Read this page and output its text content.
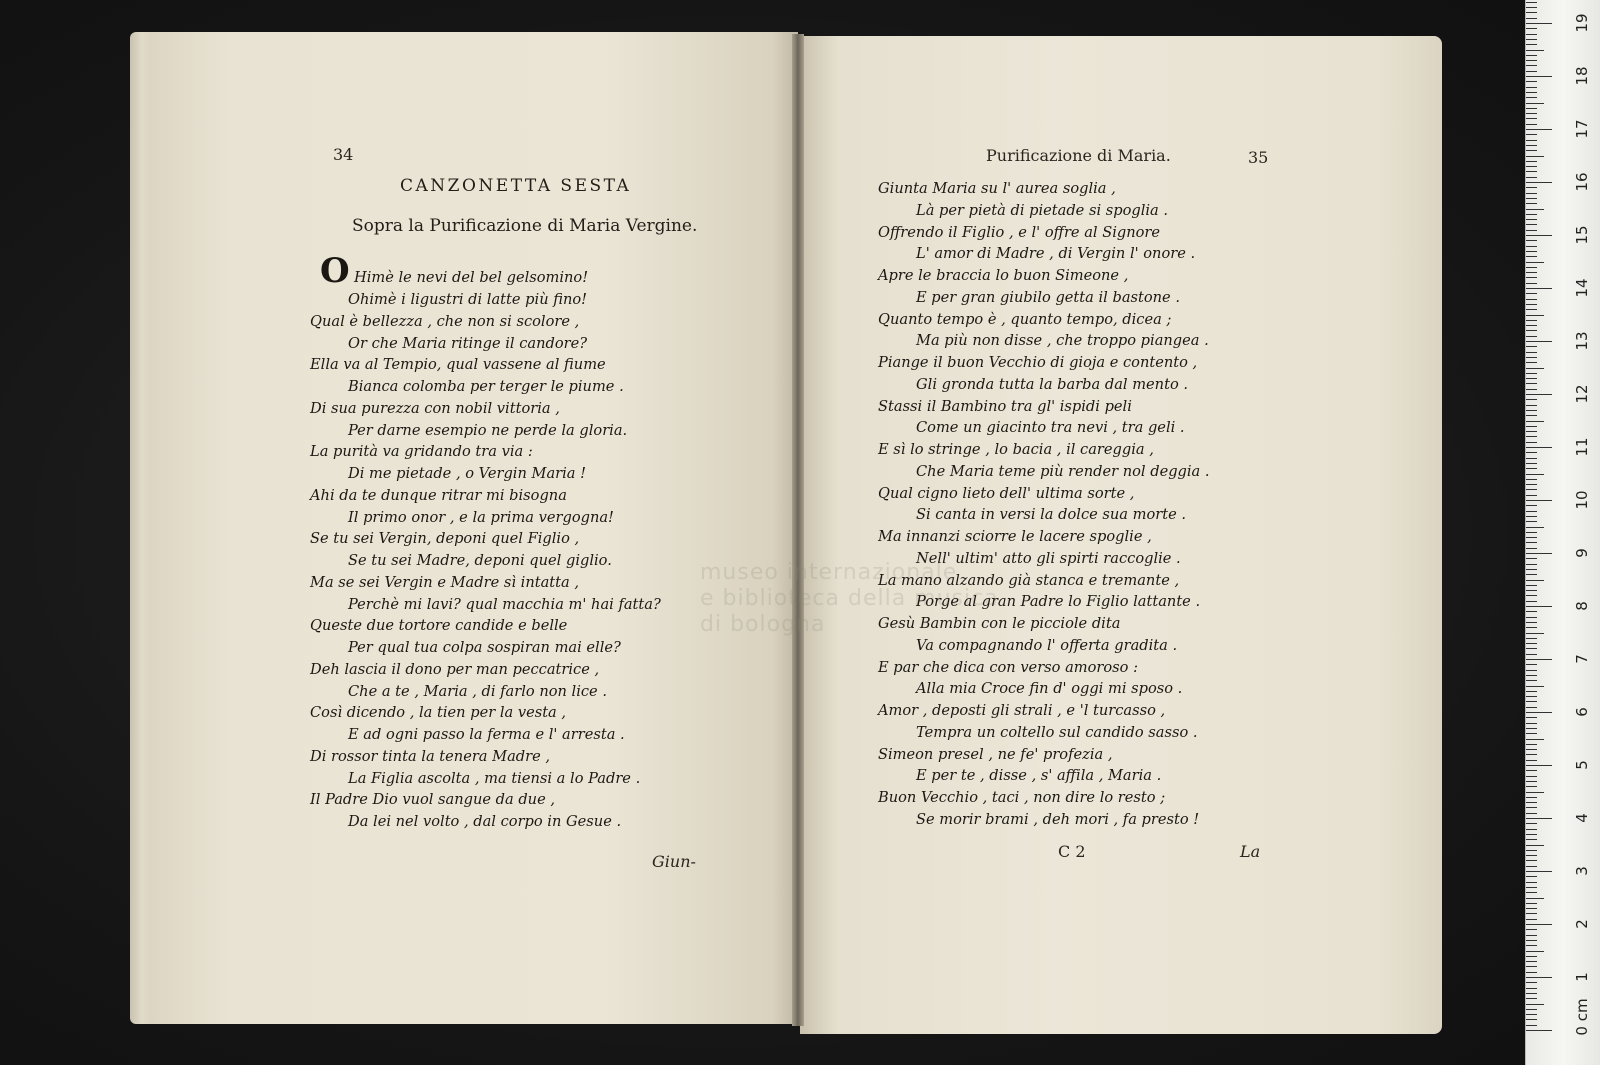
museo internazionale
e biblioteca della musica
di bologna
34
CANZONETTA SESTA
Sopra la Purificazione di Maria Vergine.
O Himè le nevi del bel gelsomino!
Ohimè i ligustri di latte più fino!
Qual è bellezza , che non si scolore ,
Or che Maria ritinge il candore?
Ella va al Tempio, qual vassene al fiume
Bianca colomba per terger le piume .
Di sua purezza con nobil vittoria ,
Per darne esempio ne perde la gloria.
La purità va gridando tra via :
Di me pietade , o Vergin Maria !
Ahi da te dunque ritrar mi bisogna
Il primo onor , e la prima vergogna!
Se tu sei Vergin, deponi quel Figlio ,
Se tu sei Madre, deponi quel giglio.
Ma se sei Vergin e Madre sì intatta ,
Perchè mi lavi? qual macchia m' hai fatta?
Queste due tortore candide e belle
Per qual tua colpa sospiran mai elle?
Deh lascia il dono per man peccatrice ,
Che a te , Maria , di farlo non lice .
Così dicendo , la tien per la vesta ,
E ad ogni passo la ferma e l' arresta .
Di rossor tinta la tenera Madre ,
La Figlia ascolta , ma tiensi a lo Padre .
Il Padre Dio vuol sangue da due ,
Da lei nel volto , dal corpo in Gesue .
Giun-
Purificazione di Maria.	35
Giunta Maria su l' aurea soglia ,
Là per pietà di pietade si spoglia .
Offrendo il Figlio , e l' offre al Signore
L' amor di Madre , di Vergin l' onore .
Apre le braccia lo buon Simeone ,
E per gran giubilo getta il bastone .
Quanto tempo è , quanto tempo, dicea ;
Ma più non disse , che troppo piangea .
Piange il buon Vecchio di gioja e contento ,
Gli gronda tutta la barba dal mento .
Stassi il Bambino tra gl' ispidi peli
Come un giacinto tra nevi , tra geli .
E sì lo stringe , lo bacia , il careggia ,
Che Maria teme più render nol deggia .
Qual cigno lieto dell' ultima sorte ,
Si canta in versi la dolce sua morte .
Ma innanzi sciorre le lacere spoglie ,
Nell' ultim' atto gli spirti raccoglie .
La mano alzando già stanca e tremante ,
Porge al gran Padre lo Figlio lattante .
Gesù Bambin con le picciole dita
Va compagnando l' offerta gradita .
E par che dica con verso amoroso :
Alla mia Croce fin d' oggi mi sposo .
Amor , deposti gli strali , e 'l turcasso ,
Tempra un coltello sul candido sasso .
Simeon presel , ne fe' profezia ,
E per te , disse , s' affila , Maria .
Buon Vecchio , taci , non dire lo resto ;
Se morir brami , deh mori , fa presto !
C 2	La
0 cm
1
2
3
4
5
6
7
8
9
10
11
12
13
14
15
16
17
18
19
